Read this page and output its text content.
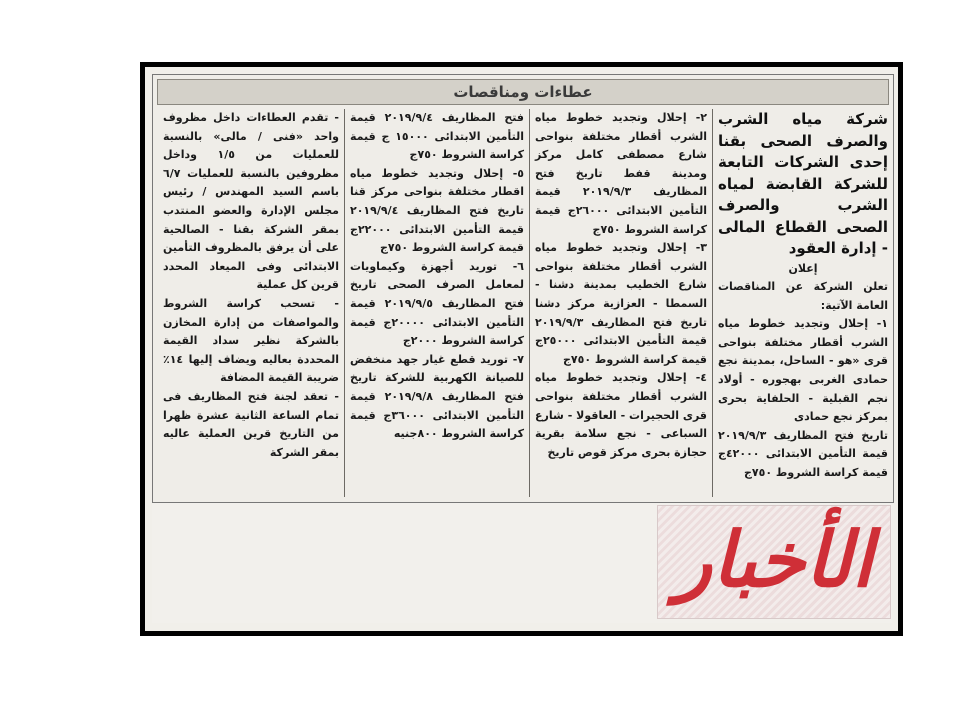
عطاءات ومناقصات

شركة مياه الشرب والصرف الصحى بقنا إحدى الشركات التابعة للشركة القابضة لمياه الشرب والصرف الصحى القطاع المالى - إدارة العقود

إعلان

تعلن الشركة عن المناقصات العامة الآتية:

١- إحلال وتجديد خطوط مياه الشرب أقطار مختلفة بنواحى قرى «هو - الساحل، بمدينة نجع حمادى الغربى بهجوره - أولاد نجم القبلية - الحلفاية بحرى بمركز نجع حمادى

تاريخ فتح المظاريف ٢٠١٩/٩/٣ قيمة التأمين الابتدائى ٤٢٠٠٠ج قيمة كراسة الشروط ٧٥٠ج

٢- إحلال وتجديد خطوط مياه الشرب أقطار مختلفة بنواحى شارع مصطفى كامل مركز ومدينة قفط تاريخ فتح المظاريف ٢٠١٩/٩/٣ قيمة التأمين الابتدائى ٢٦٠٠٠ج قيمة كراسة الشروط ٧٥٠ج

٣- إحلال وتجديد خطوط مياه الشرب أقطار مختلفة بنواحى شارع الخطيب بمدينة دشنا - السمطا - العزازية مركز دشنا تاريخ فتح المظاريف ٢٠١٩/٩/٣ قيمة التأمين الابتدائى ٢٥٠٠٠ج قيمة كراسة الشروط ٧٥٠ج

٤- إحلال وتجديد خطوط مياه الشرب أقطار مختلفة بنواحى قرى الحجيرات - العاقولا - شارع السباعى - نجع سلامة بقرية حجازة بحرى مركز قوص تاريخ

فتح المظاريف ٢٠١٩/٩/٤ قيمة التأمين الابتدائى ١٥٠٠٠ ج قيمة كراسة الشروط ٧٥٠ج

٥- إحلال وتجديد خطوط مياه اقطار مختلفة بنواحى مركز قنا تاريخ فتح المظاريف ٢٠١٩/٩/٤ قيمة التأمين الابتدائى ٢٢٠٠٠ج قيمة كراسة الشروط ٧٥٠ج

٦- توريد أجهزة وكيماويات لمعامل الصرف الصحى تاريخ فتح المظاريف ٢٠١٩/٩/٥ قيمة التأمين الابتدائى ٢٠٠٠٠ج قيمة كراسة الشروط ٢٠٠٠ج

٧- توريد قطع غيار جهد منخفض للصيانة الكهربية للشركة تاريخ فتح المظاريف ٢٠١٩/٩/٨ قيمة التأمين الابتدائى ٣٦٠٠٠ج قيمة كراسة الشروط ٨٠٠جنيه

- تقدم العطاءات داخل مظروف واحد «فنى / مالى» بالنسبة للعمليات من ١/٥ وداخل مظروفين بالنسبة للعمليات ٦/٧ باسم السيد المهندس / رئيس مجلس الإدارة والعضو المنتدب بمقر الشركة بقنا - الصالحية على أن يرفق بالمظروف التأمين الابتدائى وفى الميعاد المحدد قرين كل عملية

- تسحب كراسة الشروط والمواصفات من إدارة المخازن بالشركة نظير سداد القيمة المحددة بعاليه ويضاف إليها ١٤٪ ضريبة القيمة المضافة

- تعقد لجنة فتح المظاريف فى تمام الساعة الثانية عشرة ظهرا من التاريخ قرين العملية عاليه بمقر الشركة

الأخبار
